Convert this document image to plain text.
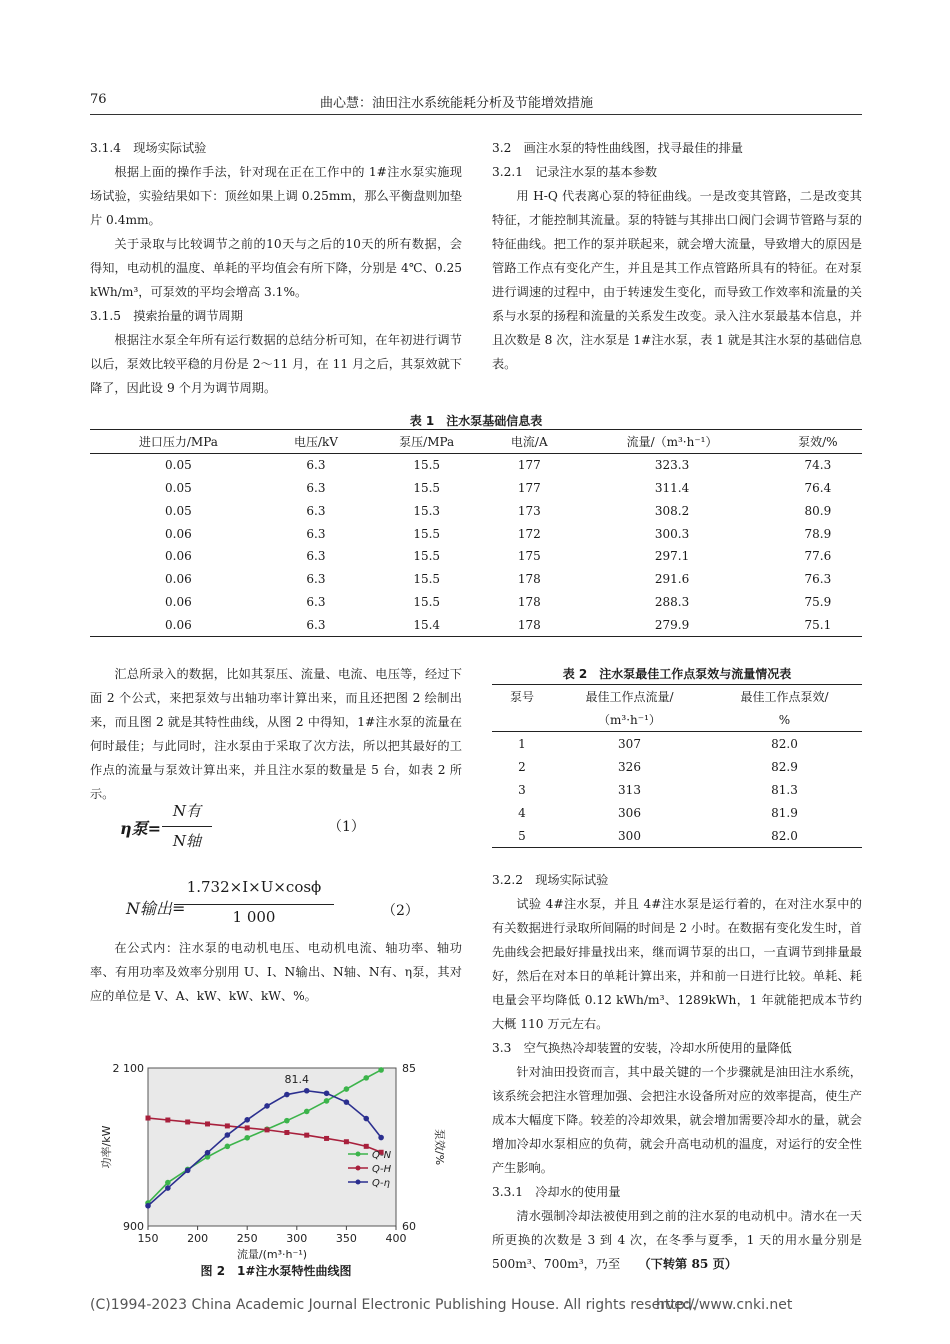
76	曲心慧：油田注水系统能耗分析及节能增效措施

3.1.4　现场实际试验

根据上面的操作手法，针对现在正在工作中的 1#注水泵实施现场试验，实验结果如下：顶丝如果上调 0.25mm，那么平衡盘则加垫片 0.4mm。

关于录取与比较调节之前的10天与之后的10天的所有数据，会得知，电动机的温度、单耗的平均值会有所下降，分别是 4℃、0.25 kWh/m³，可泵效的平均会增高 3.1%。

3.1.5　摸索抬量的调节周期

根据注水泵全年所有运行数据的总结分析可知，在年初进行调节以后，泵效比较平稳的月份是 2～11 月，在 11 月之后，其泵效就下降了，因此设 9 个月为调节周期。

3.2　画注水泵的特性曲线图，找寻最佳的排量

3.2.1　记录注水泵的基本参数

用 H-Q 代表离心泵的特征曲线。一是改变其管路，二是改变其特征，才能控制其流量。泵的特链与其排出口阀门会调节管路与泵的特征曲线。把工作的泵并联起来，就会增大流量，导致增大的原因是管路工作点有变化产生，并且是其工作点管路所具有的特征。在对泵进行调速的过程中，由于转速发生变化，而导致工作效率和流量的关系与水泵的扬程和流量的关系发生改变。录入注水泵最基本信息，并且次数是 8 次，注水泵是 1#注水泵，表 1 就是其注水泵的基础信息表。

表 1　注水泵基础信息表
进口压力/MPa	电压/kV	泵压/MPa	电流/A	流量/（m³·h⁻¹）	泵效/%
0.05	6.3	15.5	177	323.3	74.3
0.05	6.3	15.5	177	311.4	76.4
0.05	6.3	15.3	173	308.2	80.9
0.06	6.3	15.5	172	300.3	78.9
0.06	6.3	15.5	175	297.1	77.6
0.06	6.3	15.5	178	291.6	76.3
0.06	6.3	15.5	178	288.3	75.9
0.06	6.3	15.4	178	279.9	75.1

汇总所录入的数据，比如其泵压、流量、电流、电压等，经过下面 2 个公式，来把泵效与出轴功率计算出来，而且还把图 2 绘制出来，而且图 2 就是其特性曲线，从图 2 中得知，1#注水泵的流量在何时最佳；与此同时，注水泵由于采取了次方法，所以把其最好的工作点的流量与泵效计算出来，并且注水泵的数量是 5 台，如表 2 所示。

η泵=
N有
N轴
（1）
N输出=
1.732×I×U×cosϕ
1 000	（2）

在公式内：注水泵的电动机电压、电动机电流、轴功率、轴功率、有用功率及效率分别用 U、I、N输出、N轴、N有、η泵，其对应的单位是 V、A、kW、kW、kW、%。

150	200	250	300	350	400
2 100
900
85
60
流量/(m³·h⁻¹)
功率/kW	泵效/%
81.4
Q-N
Q-H
Q-η
图 2　1#注水泵特性曲线图
表 2　注水泵最佳工作点泵效与流量情况表
泵号	最佳工作点流量/	最佳工作点泵效/
	（m³·h⁻¹）	%
1	307	82.0
2	326	82.9
3	313	81.3
4	306	81.9
5	300	82.0

3.2.2　现场实际试验

试验 4#注水泵，并且 4#注水泵是运行着的，在对注水泵中的有关数据进行录取所间隔的时间是 2 小时。在数据有变化发生时，首先曲线会把最好排量找出来，继而调节泵的出口，一直调节到排量最好，然后在对本日的单耗计算出来，并和前一日进行比较。单耗、耗电量会平均降低 0.12 kWh/m³、1289kWh，1 年就能把成本节约大概 110 万元左右。

3.3　空气换热冷却装置的安装，冷却水所使用的量降低

针对油田投资而言，其中最关键的一个步骤就是油田注水系统，该系统会把注水管理加强、会把注水设备所对应的效率提高，使生产成本大幅度下降。较差的冷却效果，就会增加需要冷却水的量，就会增加冷却水泵相应的负荷，就会升高电动机的温度，对运行的安全性产生影响。

3.3.1　冷却水的使用量

清水强制冷却法被使用到之前的注水泵的电动机中。清水在一天所更换的次数是 3 到 4 次，在冬季与夏季，1 天的用水量分别是 500m³、700m³，乃至　　 （下转第 85 页）

(C)1994-2023 China Academic Journal Electronic Publishing House. All rights reserved.
http://www.cnki.net
